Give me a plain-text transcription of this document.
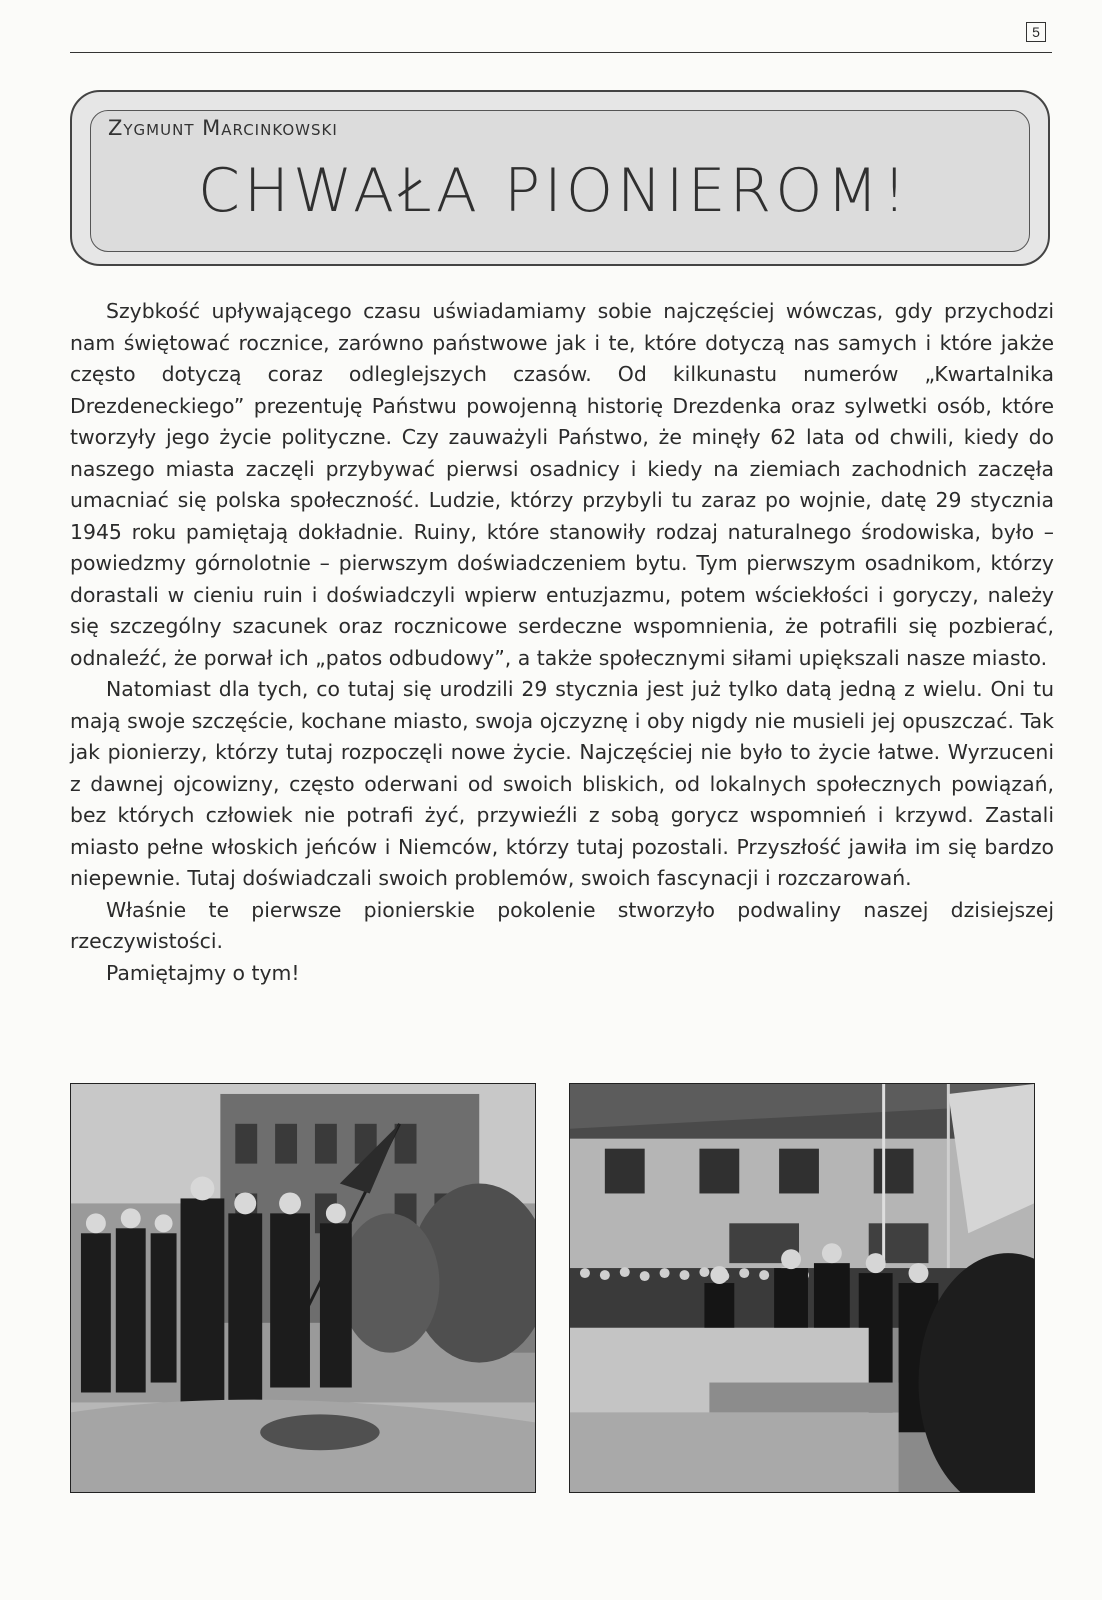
5
Zygmunt Marcinkowski
CHWAŁA PIONIEROM!

Szybkość upływającego czasu uświadamiamy sobie najczęściej wówczas, gdy przychodzi nam świętować rocznice, zarówno państwowe jak i te, które dotyczą nas samych i które jakże często dotyczą coraz odleglejszych czasów. Od kilkunastu numerów „Kwartalnika Drezdeneckiego” prezentuję Państwu powojenną historię Drezdenka oraz sylwetki osób, które tworzyły jego życie polityczne. Czy zauważyli Państwo, że minęły 62 lata od chwili, kiedy do naszego miasta zaczęli przybywać pierwsi osadnicy i kiedy na ziemiach zachodnich zaczęła umacniać się polska społeczność. Ludzie, którzy przybyli tu zaraz po wojnie, datę 29 stycznia 1945 roku pamiętają dokładnie. Ruiny, które stanowiły rodzaj naturalnego środowiska, było – powiedzmy górnolotnie – pierwszym doświadczeniem bytu. Tym pierwszym osadnikom, którzy dorastali w cieniu ruin i doświadczyli wpierw entuzjazmu, potem wściekłości i goryczy, należy się szczególny szacunek oraz rocznicowe serdeczne wspomnienia, że potrafili się pozbierać, odnaleźć, że porwał ich „patos odbudowy”, a także społecznymi siłami upiększali nasze miasto.

Natomiast dla tych, co tutaj się urodzili 29 stycznia jest już tylko datą jedną z wielu. Oni tu mają swoje szczęście, kochane miasto, swoja ojczyznę i oby nigdy nie musieli jej opuszczać. Tak jak pionierzy, którzy tutaj rozpoczęli nowe życie. Najczęściej nie było to życie łatwe. Wyrzuceni z dawnej ojcowizny, często oderwani od swoich bliskich, od lokalnych społecznych powiązań, bez których człowiek nie potrafi żyć, przywieźli z sobą gorycz wspomnień i krzywd. Zastali miasto pełne włoskich jeńców i Niemców, którzy tutaj pozostali. Przyszłość jawiła im się bardzo niepewnie. Tutaj doświadczali swoich problemów, swoich fascynacji i rozczarowań.

Właśnie te pierwsze pionierskie pokolenie stworzyło podwaliny naszej dzisiejszej rzeczywistości.

Pamiętajmy o tym!
